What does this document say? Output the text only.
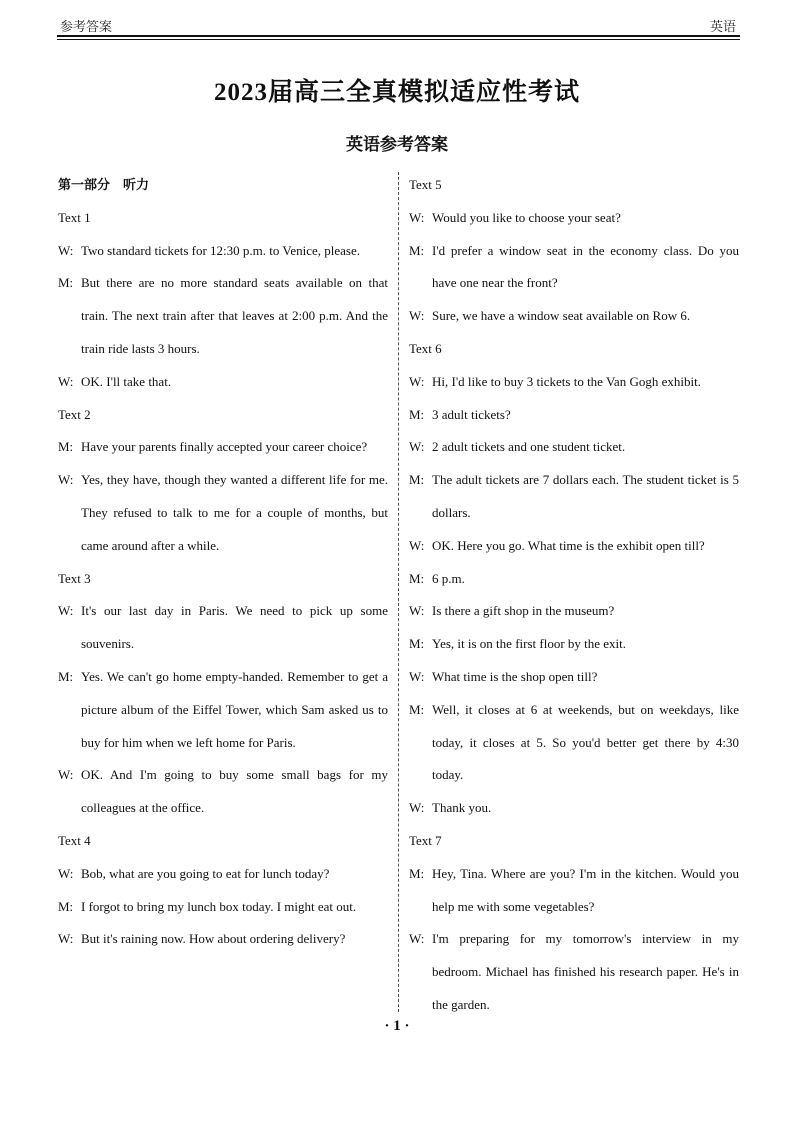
参考答案	英语
2023届高三全真模拟适应性考试
英语参考答案
第一部分　听力
Text 1
W: Two standard tickets for 12:30 p.m. to Venice, please.
M: But there are no more standard seats available on that train. The next train after that leaves at 2:00 p.m. And the train ride lasts 3 hours.
W: OK. I'll take that.
Text 2
M: Have your parents finally accepted your career choice?
W: Yes, they have, though they wanted a different life for me. They refused to talk to me for a couple of months, but came around after a while.
Text 3
W: It's our last day in Paris. We need to pick up some souvenirs.
M: Yes. We can't go home empty-handed. Remember to get a picture album of the Eiffel Tower, which Sam asked us to buy for him when we left home for Paris.
W: OK. And I'm going to buy some small bags for my colleagues at the office.
Text 4
W: Bob, what are you going to eat for lunch today?
M: I forgot to bring my lunch box today. I might eat out.
W: But it's raining now. How about ordering delivery?
Text 5
W: Would you like to choose your seat?
M: I'd prefer a window seat in the economy class. Do you have one near the front?
W: Sure, we have a window seat available on Row 6.
Text 6
W: Hi, I'd like to buy 3 tickets to the Van Gogh exhibit.
M: 3 adult tickets?
W: 2 adult tickets and one student ticket.
M: The adult tickets are 7 dollars each. The student ticket is 5 dollars.
W: OK. Here you go. What time is the exhibit open till?
M: 6 p.m.
W: Is there a gift shop in the museum?
M: Yes, it is on the first floor by the exit.
W: What time is the shop open till?
M: Well, it closes at 6 at weekends, but on weekdays, like today, it closes at 5. So you'd better get there by 4:30 today.
W: Thank you.
Text 7
M: Hey, Tina. Where are you? I'm in the kitchen. Would you help me with some vegetables?
W: I'm preparing for my tomorrow's interview in my bedroom. Michael has finished his research paper. He's in the garden.
· 1 ·
